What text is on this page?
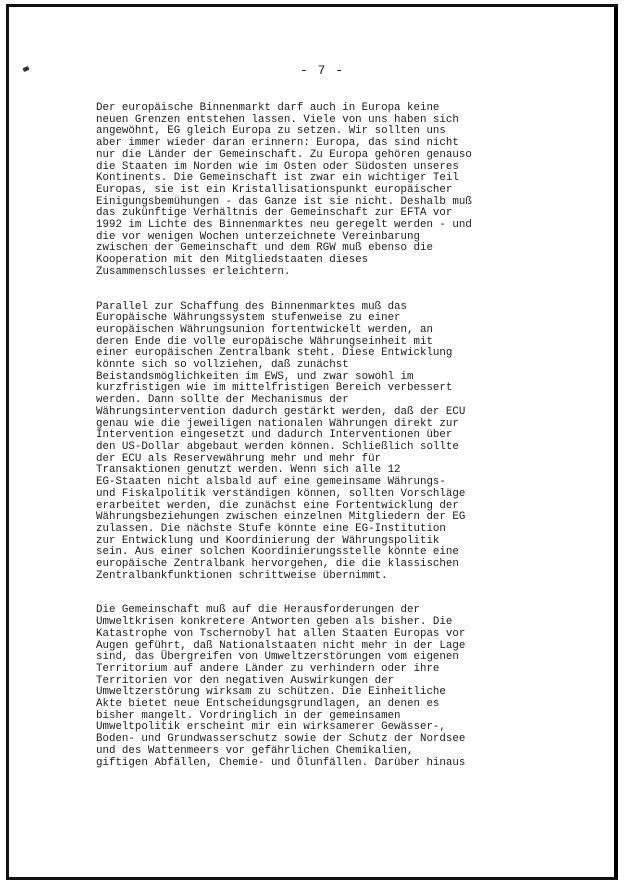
- 7 -
Der europäische Binnenmarkt darf auch in Europa keine
neuen Grenzen entstehen lassen. Viele von uns haben sich
angewöhnt, EG gleich Europa zu setzen. Wir sollten uns
aber immer wieder daran erinnern: Europa, das sind nicht
nur die Länder der Gemeinschaft. Zu Europa gehören genauso
die Staaten im Norden wie im Osten oder Südosten unseres
Kontinents. Die Gemeinschaft ist zwar ein wichtiger Teil
Europas, sie ist ein Kristallisationspunkt europäischer
Einigungsbemühungen - das Ganze ist sie nicht. Deshalb muß
das zukünftige Verhältnis der Gemeinschaft zur EFTA vor
1992 im Lichte des Binnenmarktes neu geregelt werden - und
die vor wenigen Wochen unterzeichnete Vereinbarung
zwischen der Gemeinschaft und dem RGW muß ebenso die
Kooperation mit den Mitgliedstaaten dieses
Zusammenschlusses erleichtern.
Parallel zur Schaffung des Binnenmarktes muß das
Europäische Währungssystem stufenweise zu einer
europäischen Währungsunion fortentwickelt werden, an
deren Ende die volle europäische Währungseinheit mit
einer europäischen Zentralbank steht. Diese Entwicklung
könnte sich so vollziehen, daß zunächst
Beistandsmöglichkeiten im EWS, und zwar sowohl im
kurzfristigen wie im mittelfristigen Bereich verbessert
werden. Dann sollte der Mechanismus der
Währungsintervention dadurch gestärkt werden, daß der ECU
genau wie die jeweiligen nationalen Währungen direkt zur
Intervention eingesetzt und dadurch Interventionen über
den US-Dollar abgebaut werden können. Schließlich sollte
der ECU als Reservewährung mehr und mehr für
Transaktionen genutzt werden. Wenn sich alle 12
EG-Staaten nicht alsbald auf eine gemeinsame Währungs-
und Fiskalpolitik verständigen können, sollten Vorschläge
erarbeitet werden, die zunächst eine Fortentwicklung der
Währungsbeziehungen zwischen einzelnen Mitgliedern der EG
zulassen. Die nächste Stufe könnte eine EG-Institution
zur Entwicklung und Koordinierung der Währungspolitik
sein. Aus einer solchen Koordinierungsstelle könnte eine
europäische Zentralbank hervorgehen, die die klassischen
Zentralbankfunktionen schrittweise übernimmt.
Die Gemeinschaft muß auf die Herausforderungen der
Umweltkrisen konkretere Antworten geben als bisher. Die
Katastrophe von Tschernobyl hat allen Staaten Europas vor
Augen geführt, daß Nationalstaaten nicht mehr in der Lage
sind, das Übergreifen von Umweltzerstörungen vom eigenen
Territorium auf andere Länder zu verhindern oder ihre
Territorien vor den negativen Auswirkungen der
Umweltzerstörung wirksam zu schützen. Die Einheitliche
Akte bietet neue Entscheidungsgrundlagen, an denen es
bisher mangelt. Vordringlich in der gemeinsamen
Umweltpolitik erscheint mir ein wirksamerer Gewässer-,
Boden- und Grundwasserschutz sowie der Schutz der Nordsee
und des Wattenmeers vor gefährlichen Chemikalien,
giftigen Abfällen, Chemie- und Ölunfällen. Darüber hinaus
